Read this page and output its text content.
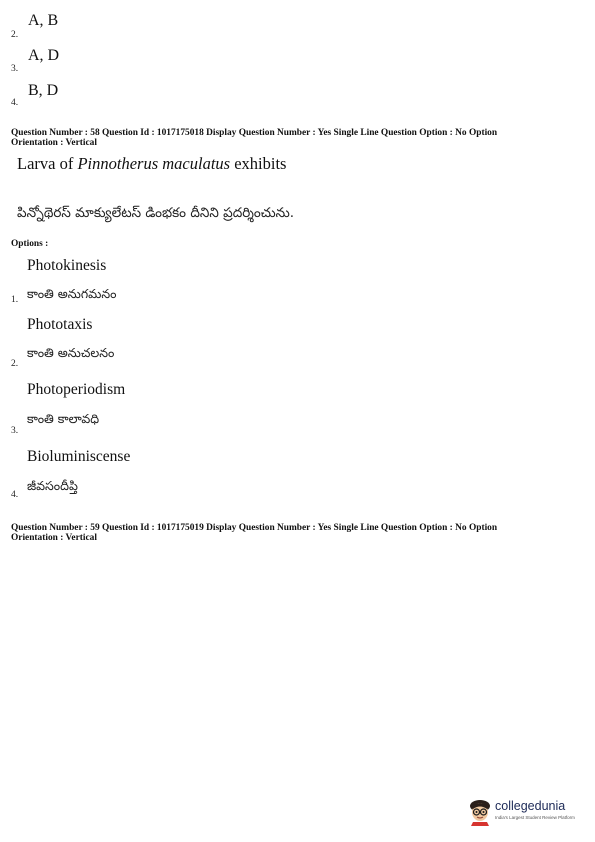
A, B
2.
A, D
3.
B, D
4.
Question Number : 58 Question Id : 1017175018 Display Question Number : Yes Single Line Question Option : No Option
Orientation : Vertical
Larva of Pinnotherus maculatus exhibits
పిన్నోథెరస్ మాక్యులేటస్ డింభకం దీనిని ప్రదర్శించును.
Options :
Photokinesis
కాంతి అనుగమనం
1.
Phototaxis
కాంతి అనుచలనం
2.
Photoperiodism
కాంతి కాలావధి
3.
Bioluminiscense
జీవసందీప్తి
4.
Question Number : 59 Question Id : 1017175019 Display Question Number : Yes Single Line Question Option : No Option
Orientation : Vertical
collegedunia
India's Largest Student Review Platform
